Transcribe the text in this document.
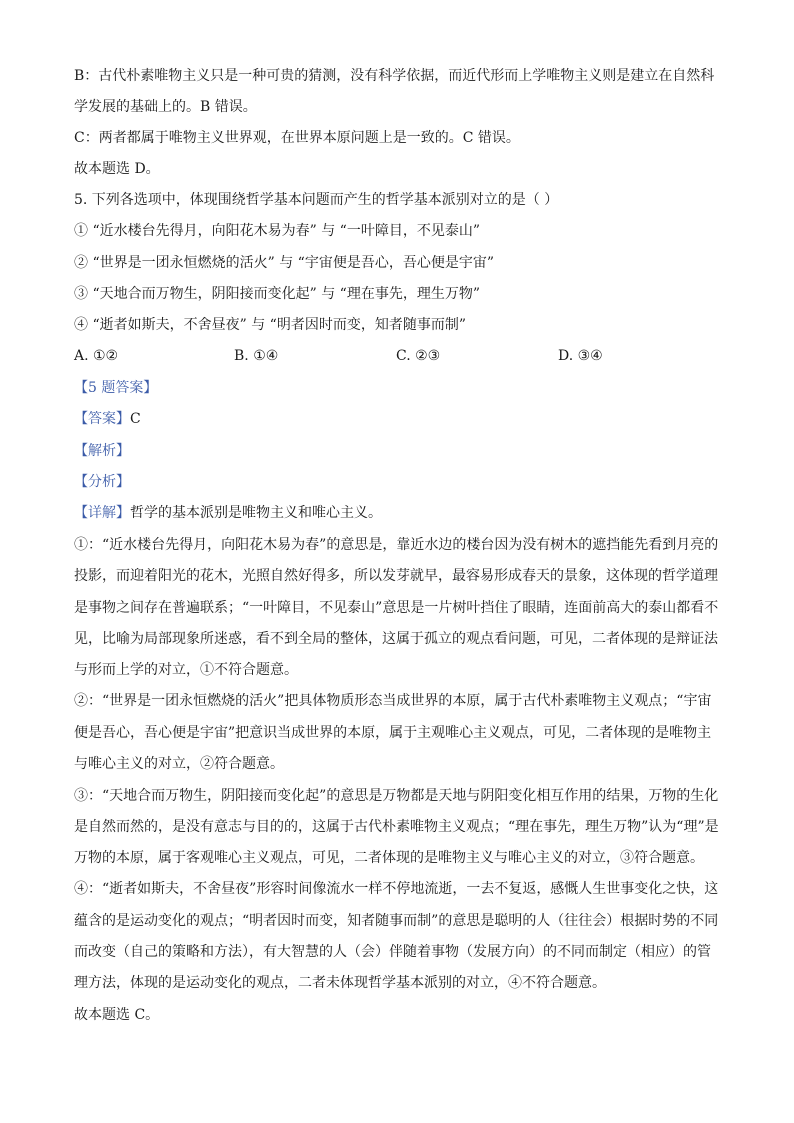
B：古代朴素唯物主义只是一种可贵的猜测，没有科学依据，而近代形而上学唯物主义则是建立在自然科
学发展的基础上的。B 错误。
C：两者都属于唯物主义世界观，在世界本原问题上是一致的。C 错误。
故本题选 D。
5. 下列各选项中，体现围绕哲学基本问题而产生的哲学基本派别对立的是（ ）
① “近水楼台先得月，向阳花木易为春” 与 “一叶障目，不见泰山”
② “世界是一团永恒燃烧的活火” 与 “宇宙便是吾心，吾心便是宇宙”
③ “天地合而万物生，阴阳接而变化起” 与 “理在事先，理生万物”
④ “逝者如斯夫，不舍昼夜” 与 “明者因时而变，知者随事而制”
A. ①②	B. ①④	C. ②③	D. ③④
【5 题答案】
【答案】C
【解析】
【分析】
【详解】哲学的基本派别是唯物主义和唯心主义。
①：“近水楼台先得月，向阳花木易为春”的意思是，靠近水边的楼台因为没有树木的遮挡能先看到月亮的
投影，而迎着阳光的花木，光照自然好得多，所以发芽就早，最容易形成春天的景象，这体现的哲学道理
是事物之间存在普遍联系；“一叶障目，不见泰山”意思是一片树叶挡住了眼睛，连面前高大的泰山都看不
见，比喻为局部现象所迷惑，看不到全局的整体，这属于孤立的观点看问题，可见，二者体现的是辩证法
与形而上学的对立，①不符合题意。
②：“世界是一团永恒燃烧的活火”把具体物质形态当成世界的本原，属于古代朴素唯物主义观点；“宇宙
便是吾心，吾心便是宇宙”把意识当成世界的本原，属于主观唯心主义观点，可见，二者体现的是唯物主
与唯心主义的对立，②符合题意。
③：“天地合而万物生，阴阳接而变化起”的意思是万物都是天地与阴阳变化相互作用的结果，万物的生化
是自然而然的，是没有意志与目的的，这属于古代朴素唯物主义观点；“理在事先，理生万物”认为“理”是
万物的本原，属于客观唯心主义观点，可见，二者体现的是唯物主义与唯心主义的对立，③符合题意。
④：“逝者如斯夫，不舍昼夜”形容时间像流水一样不停地流逝，一去不复返，感慨人生世事变化之快，这
蕴含的是运动变化的观点；“明者因时而变，知者随事而制”的意思是聪明的人（往往会）根据时势的不同
而改变（自己的策略和方法），有大智慧的人（会）伴随着事物（发展方向）的不同而制定（相应）的管
理方法，体现的是运动变化的观点，二者未体现哲学基本派别的对立，④不符合题意。
故本题选 C。
